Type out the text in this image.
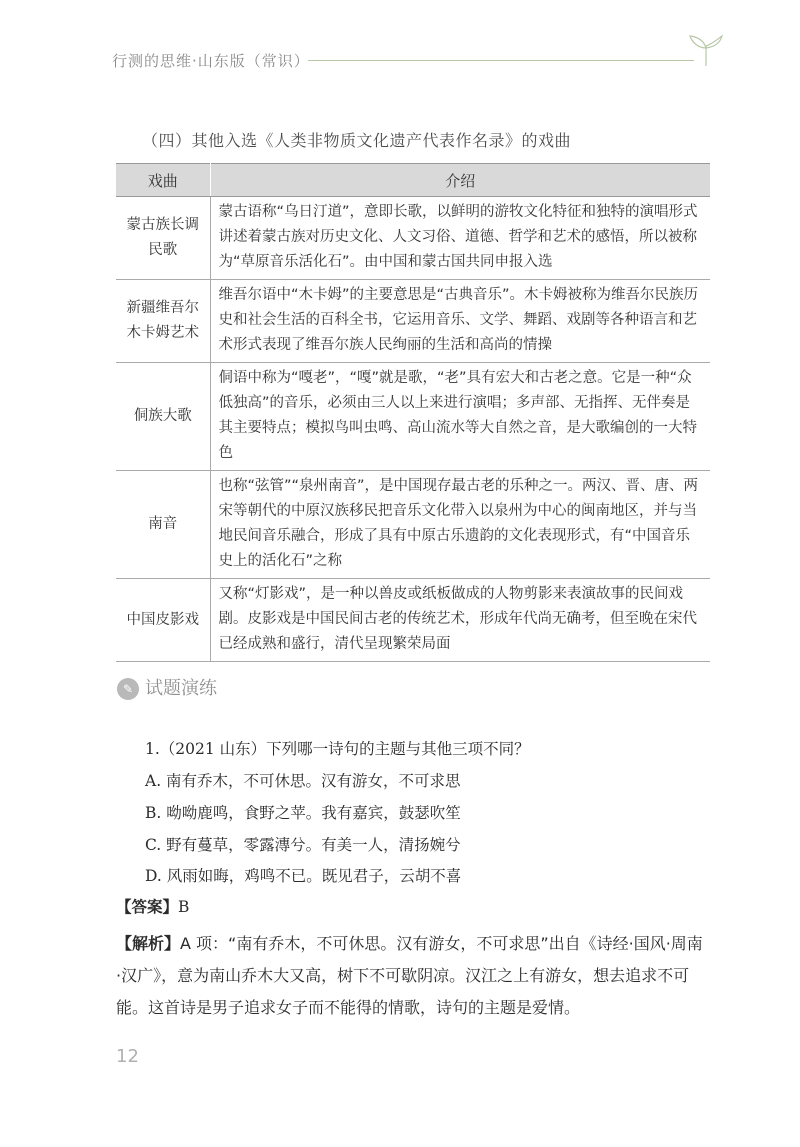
行测的思维·山东版（常识）
（四）其他入选《人类非物质文化遗产代表作名录》的戏曲
戏曲	介绍
蒙古族长调民歌	蒙古语称“乌日汀道”，意即长歌，以鲜明的游牧文化特征和独特的演唱形式讲述着蒙古族对历史文化、人文习俗、道德、哲学和艺术的感悟，所以被称为“草原音乐活化石”。由中国和蒙古国共同申报入选
新疆维吾尔木卡姆艺术	维吾尔语中“木卡姆”的主要意思是“古典音乐”。木卡姆被称为维吾尔民族历史和社会生活的百科全书，它运用音乐、文学、舞蹈、戏剧等各种语言和艺术形式表现了维吾尔族人民绚丽的生活和高尚的情操
侗族大歌	侗语中称为“嘎老”，“嘎”就是歌，“老”具有宏大和古老之意。它是一种“众低独高”的音乐，必须由三人以上来进行演唱；多声部、无指挥、无伴奏是其主要特点；模拟鸟叫虫鸣、高山流水等大自然之音，是大歌编创的一大特色
南音	也称“弦管”“泉州南音”，是中国现存最古老的乐种之一。两汉、晋、唐、两宋等朝代的中原汉族移民把音乐文化带入以泉州为中心的闽南地区，并与当地民间音乐融合，形成了具有中原古乐遗韵的文化表现形式，有“中国音乐史上的活化石”之称
中国皮影戏	又称“灯影戏”，是一种以兽皮或纸板做成的人物剪影来表演故事的民间戏剧。皮影戏是中国民间古老的传统艺术，形成年代尚无确考，但至晚在宋代已经成熟和盛行，清代呈现繁荣局面
✎ 试题演练
1.（2021 山东）下列哪一诗句的主题与其他三项不同？
A. 南有乔木，不可休思。汉有游女，不可求思
B. 呦呦鹿鸣，食野之苹。我有嘉宾，鼓瑟吹笙
C. 野有蔓草，零露漙兮。有美一人，清扬婉兮
D. 风雨如晦，鸡鸣不已。既见君子，云胡不喜
【答案】B
【解析】A 项：“南有乔木，不可休思。汉有游女，不可求思”出自《诗经·国风·周南·汉广》，意为南山乔木大又高，树下不可歇阴凉。汉江之上有游女，想去追求不可能。这首诗是男子追求女子而不能得的情歌，诗句的主题是爱情。
12
